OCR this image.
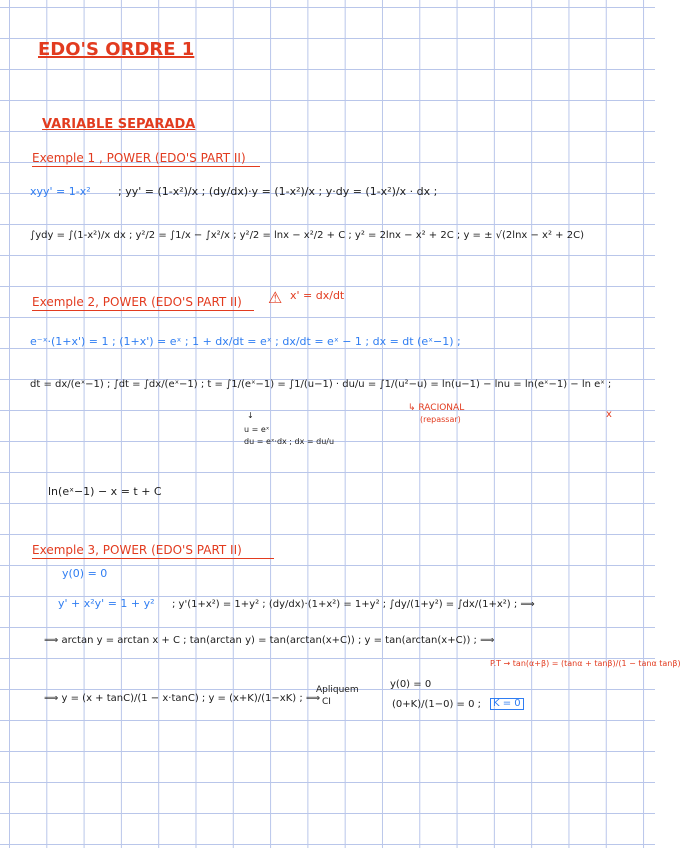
EDO'S ORDRE 1
VARIABLE SEPARADA
Exemple 1 , POWER (EDO'S PART II)
xyy' = 1-x² ; yy' = (1-x²)/x ; (dy/dx)·y = (1-x²)/x ; y·dy = (1-x²)/x · dx ;
∫ydy = ∫(1-x²)/x dx ; y²/2 = ∫1/x − ∫x²/x ; y²/2 = lnx − x²/2 + C ; y² = 2lnx − x² + 2C ; y = ± √(2lnx − x² + 2C)
Exemple 2, POWER (EDO'S PART II) ⚠ x' = dx/dt
e⁻ˣ·(1+x') = 1 ; (1+x') = eˣ ; 1 + dx/dt = eˣ ; dx/dt = eˣ − 1 ; dx = dt (eˣ−1) ;
dt = dx/(eˣ−1) ; ∫dt = ∫dx/(eˣ−1) ; t = ∫1/(eˣ−1) = ∫1/(u−1) · du/u = ∫1/(u²−u) = ln(u−1) − lnu = ln(eˣ−1) − ln eˣ ;
↓
u = eˣ
du = eˣ·dx ; dx = du/u
↳ RACIONAL
(repassar)	x
ln(eˣ−1) − x = t + C
Exemple 3, POWER (EDO'S PART II)
y(0) = 0
y' + x²y' = 1 + y² ; y'(1+x²) = 1+y² ; (dy/dx)·(1+x²) = 1+y² ; ∫dy/(1+y²) = ∫dx/(1+x²) ; ⟹
⟹ arctan y = arctan x + C ; tan(arctan y) = tan(arctan(x+C)) ; y = tan(arctan(x+C)) ; ⟹
P.T → tan(α+β) = (tanα + tanβ)/(1 − tanα tanβ)
⟹ y = (x + tanC)/(1 − x·tanC) ; y = (x+K)/(1−xK) ; ⟹
Apliquem
CI
y(0) = 0
(0+K)/(1−0) = 0 ;	K = 0
